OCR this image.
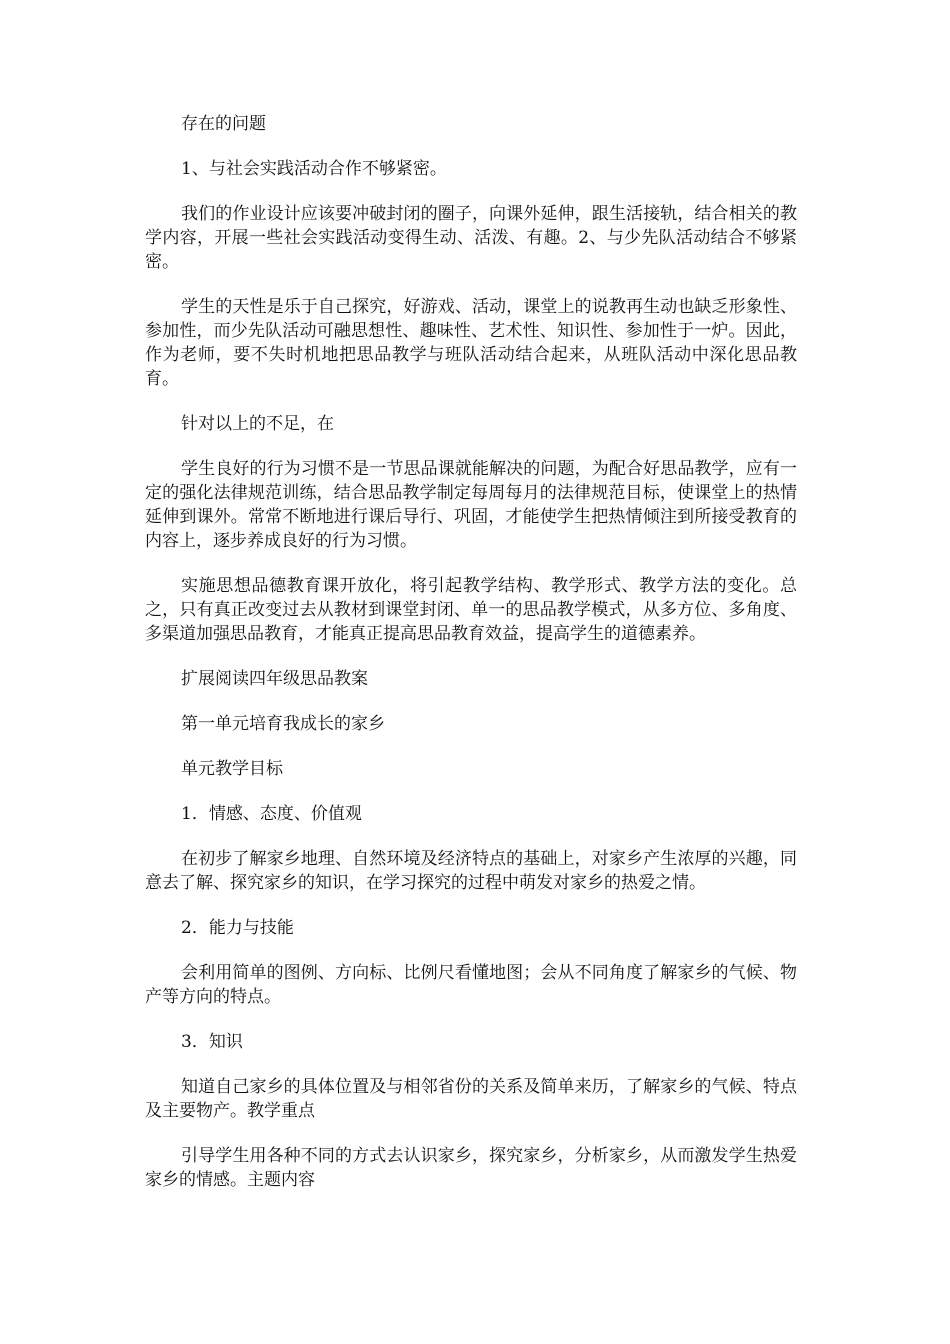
存在的问题

1、与社会实践活动合作不够紧密。

我们的作业设计应该要冲破封闭的圈子，向课外延伸，跟生活接轨，结合相关的教学内容，开展一些社会实践活动变得生动、活泼、有趣。2、与少先队活动结合不够紧密。

学生的天性是乐于自己探究，好游戏、活动，课堂上的说教再生动也缺乏形象性、参加性，而少先队活动可融思想性、趣味性、艺术性、知识性、参加性于一炉。因此，作为老师，要不失时机地把思品教学与班队活动结合起来，从班队活动中深化思品教育。

针对以上的不足，在

学生良好的行为习惯不是一节思品课就能解决的问题，为配合好思品教学，应有一定的强化法律规范训练，结合思品教学制定每周每月的法律规范目标，使课堂上的热情延伸到课外。常常不断地进行课后导行、巩固，才能使学生把热情倾注到所接受教育的内容上，逐步养成良好的行为习惯。

实施思想品德教育课开放化，将引起教学结构、教学形式、教学方法的变化。总之，只有真正改变过去从教材到课堂封闭、单一的思品教学模式，从多方位、多角度、多渠道加强思品教育，才能真正提高思品教育效益，提高学生的道德素养。

扩展阅读四年级思品教案

第一单元培育我成长的家乡

单元教学目标

1．情感、态度、价值观

在初步了解家乡地理、自然环境及经济特点的基础上，对家乡产生浓厚的兴趣，同意去了解、探究家乡的知识，在学习探究的过程中萌发对家乡的热爱之情。

2．能力与技能

会利用简单的图例、方向标、比例尺看懂地图；会从不同角度了解家乡的气候、物产等方向的特点。

3．知识

知道自己家乡的具体位置及与相邻省份的关系及简单来历，了解家乡的气候、特点及主要物产。教学重点

引导学生用各种不同的方式去认识家乡，探究家乡，分析家乡，从而激发学生热爱家乡的情感。主题内容
